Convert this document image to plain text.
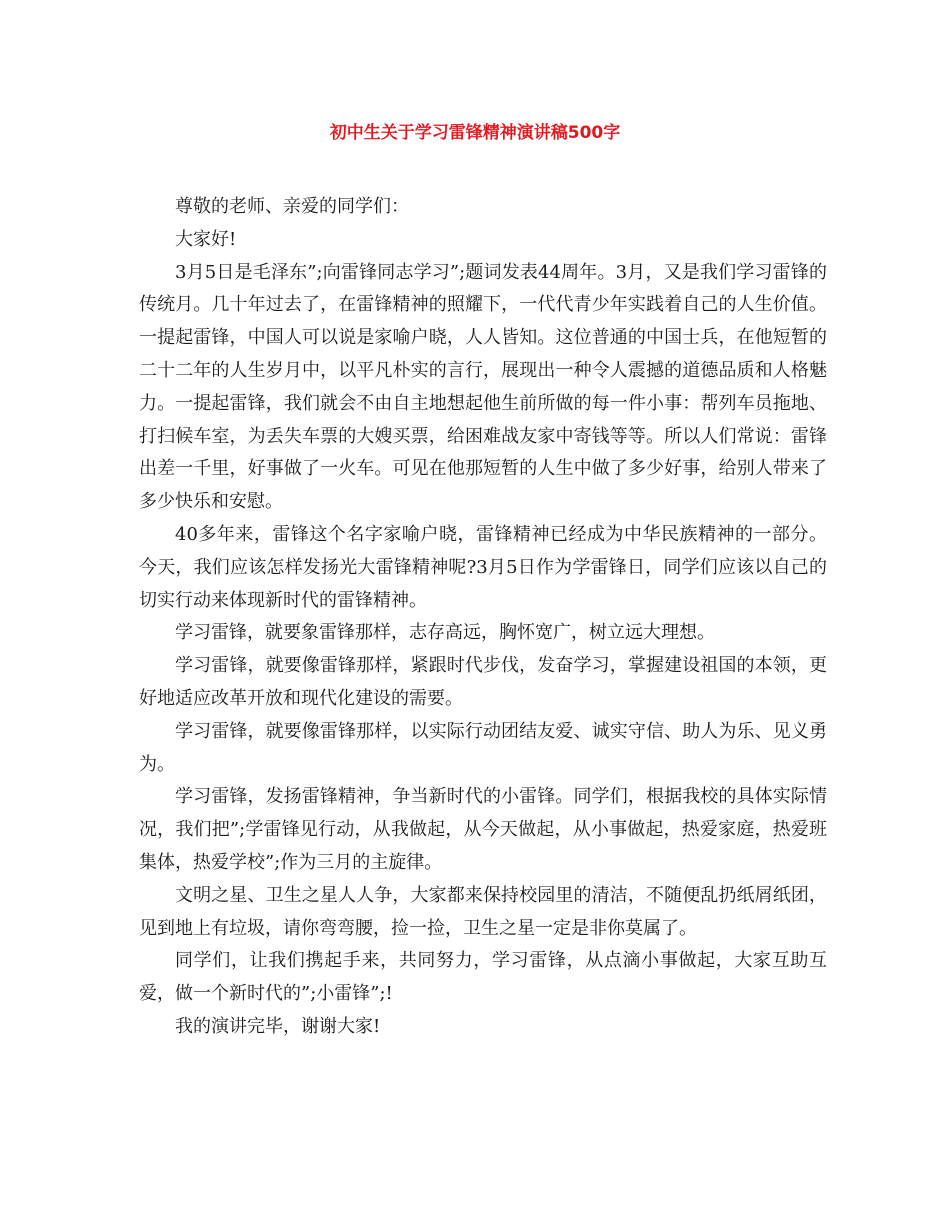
初中生关于学习雷锋精神演讲稿500字

尊敬的老师、亲爱的同学们：

大家好!

3月5日是毛泽东”;向雷锋同志学习”;题词发表44周年。3月，又是我们学习雷锋的传统月。几十年过去了，在雷锋精神的照耀下，一代代青少年实践着自己的人生价值。一提起雷锋，中国人可以说是家喻户晓，人人皆知。这位普通的中国士兵，在他短暂的二十二年的人生岁月中，以平凡朴实的言行，展现出一种令人震撼的道德品质和人格魅力。一提起雷锋，我们就会不由自主地想起他生前所做的每一件小事：帮列车员拖地、打扫候车室，为丢失车票的大嫂买票，给困难战友家中寄钱等等。所以人们常说：雷锋出差一千里，好事做了一火车。可见在他那短暂的人生中做了多少好事，给别人带来了多少快乐和安慰。

40多年来，雷锋这个名字家喻户晓，雷锋精神已经成为中华民族精神的一部分。今天，我们应该怎样发扬光大雷锋精神呢?3月5日作为学雷锋日，同学们应该以自己的切实行动来体现新时代的雷锋精神。

学习雷锋，就要象雷锋那样，志存高远，胸怀宽广，树立远大理想。

学习雷锋，就要像雷锋那样，紧跟时代步伐，发奋学习，掌握建设祖国的本领，更好地适应改革开放和现代化建设的需要。

学习雷锋，就要像雷锋那样，以实际行动团结友爱、诚实守信、助人为乐、见义勇为。

学习雷锋，发扬雷锋精神，争当新时代的小雷锋。同学们，根据我校的具体实际情况，我们把”;学雷锋见行动，从我做起，从今天做起，从小事做起，热爱家庭，热爱班集体，热爱学校”;作为三月的主旋律。

文明之星、卫生之星人人争，大家都来保持校园里的清洁，不随便乱扔纸屑纸团，见到地上有垃圾，请你弯弯腰，捡一捡，卫生之星一定是非你莫属了。

同学们，让我们携起手来，共同努力，学习雷锋，从点滴小事做起，大家互助互爱，做一个新时代的”;小雷锋”;!

我的演讲完毕，谢谢大家!
